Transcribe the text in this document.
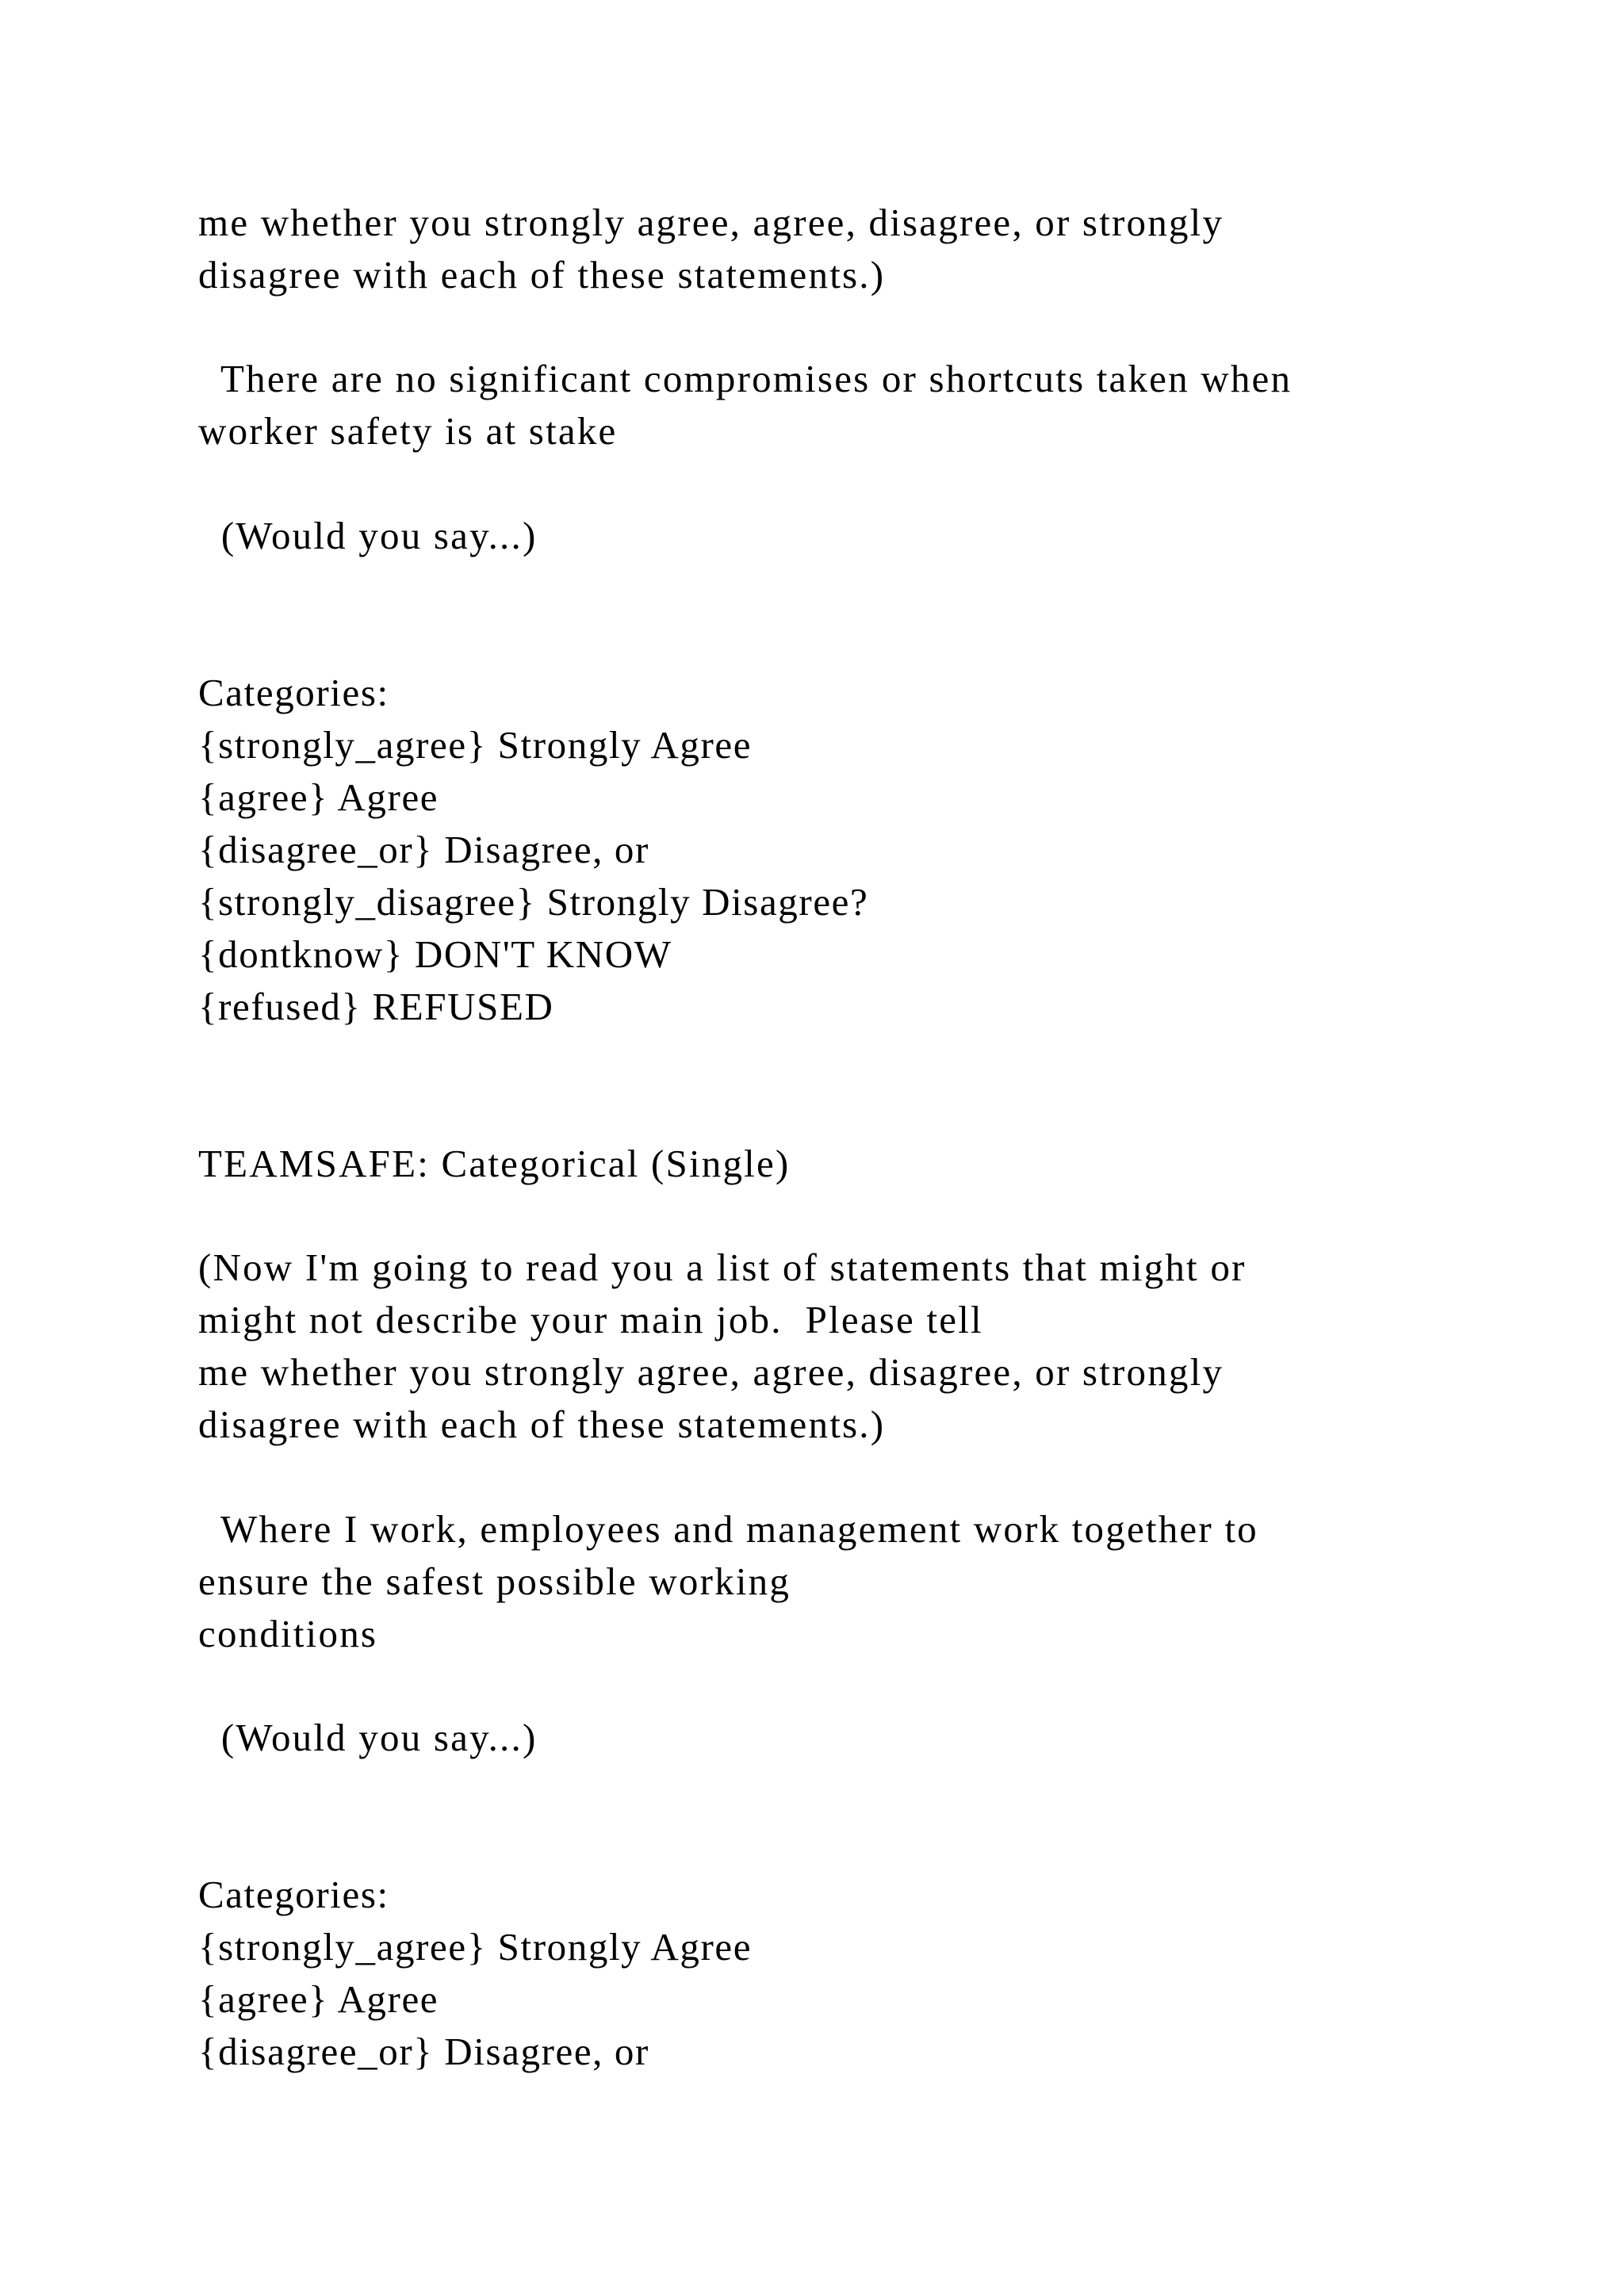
me whether you strongly agree, agree, disagree, or strongly
disagree with each of these statements.)
There are no significant compromises or shortcuts taken when
worker safety is at stake
(Would you say...)
Categories:
{strongly_agree} Strongly Agree
{agree} Agree
{disagree_or} Disagree, or
{strongly_disagree} Strongly Disagree?
{dontknow} DON'T KNOW
{refused} REFUSED
TEAMSAFE: Categorical (Single)
(Now I'm going to read you a list of statements that might or
might not describe your main job.  Please tell
me whether you strongly agree, agree, disagree, or strongly
disagree with each of these statements.)
Where I work, employees and management work together to
ensure the safest possible working
conditions
(Would you say...)
Categories:
{strongly_agree} Strongly Agree
{agree} Agree
{disagree_or} Disagree, or
